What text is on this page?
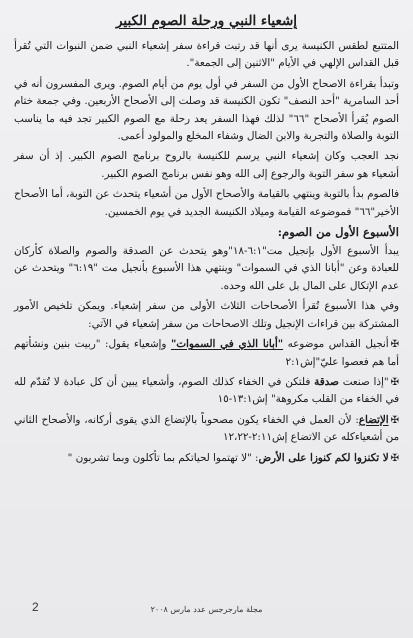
إشعياء النبي ورحلة الصوم الكبير

المتتبع لطقس الكنيسة يرى أنها قد رتبت قراءة سفر إشعياء النبي ضمن النبوات التي تُقرأ قبل القداس الإلهي في الأيام "الاثنين إلى الجمعة".

وتبدأ بقراءة الاصحاح الأول من السفر في أول يوم من أيام الصوم. ويرى المفسرون أنه في أحد السامرية "أحد النصف" تكون الكنيسة قد وصلت إلى الأصحاح الأربعين. وفي جمعة ختام الصوم يُقرأ الأصحاح "٦٦" لذلك فهذا السفر يعد رحلة مع الصوم الكبير تجد فيه ما يناسب التوبة والصلاة والتجربة والابن الضال وشفاء المخلع والمولود أعمى.

نجد العجب وكان إشعياء النبي يرسم للكنيسة بالروح برنامج الصوم الكبير. إذ أن سفر أشعياء هو سفر التوبة والرجوع إلى الله وهو نفس برنامج الصوم الكبير.

فالصوم بدأ بالتوبة وينتهي بالقيامة والأصحاح الأول من أشعياء يتحدث عن التوبة، أما الأصحاح الأخير"٦٦" فموضوعه القيامة وميلاد الكنيسة الجديد في يوم الخمسين.

الأسبوع الأول من الصوم:

يبدأ الأسبوع الأول بإنجيل مت"٦:١-١٨"وهو يتحدث عن الصدقة والصوم والصلاة كأركان للعبادة وعن "أبانا الذي في السموات" وينتهي هذا الأسبوع بأنجيل مت "٦:١٩" ويتحدث عن عدم الإتكال على المال بل على الله وحده.

وفي هذا الأسبوع تُقرأ الأصحاحات الثلاث الأولى من سفر إشعياء. ويمكن تلخيص الأمور المشتركة بين قراءات الإنجيل وتلك الاصحاحات من سفر إشعياء في الآتي:

✠أنجيل القداس موضوعه "أبانا الذي في السموات" وإشعياء يقول: "ربيت بنين ونشأتهم أما هم فعصوا عليّ"إش٢:١

✠"إذا صنعت صدقة فلتكن في الخفاء كذلك الصوم، وأشعياء يبين أن كل عبادة لا تُقدّم لله في الخفاء من القلب مكروهة" إش١٣:١-١٥

✠الإتضاع: لأن العمل في الخفاء يكون مصحوباً بالإتضاع الذي يقوى أركانه، والأصحاح الثاني من أشعياءكله عن الاتضاع إش٢:١١-١٢،٢٢

✠لا تكنزوا لكم كنوزا على الأرض: "لا تهتموا لحياتكم بما تأكلون وبما تشربون "

مجلة مارجرجس عدد مارس ٢٠٠٨
2
